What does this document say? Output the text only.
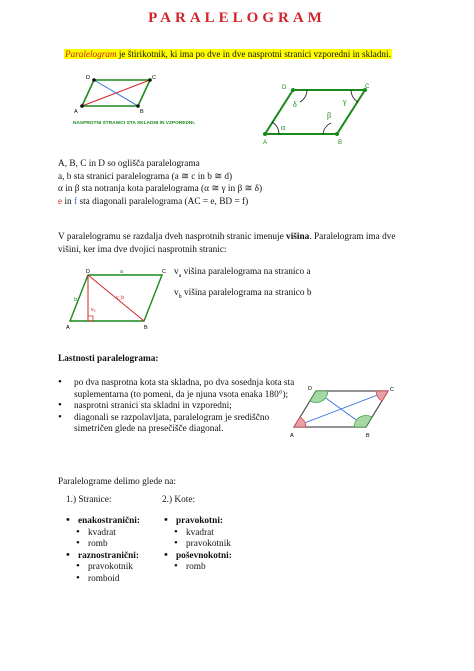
PARALELOGRAM
Paralelogram je štirikotnik, ki ima po dve in dve nasprotni stranici vzporedni in skladni.
A	B
C
D
NASPROTNI STRANICI STA SKLADNI IN VZPOREDNI.
A	B
C
D
α
β
γ
δ
A, B, C in D so oglišča paralelograma
a, b sta stranici paralelograma (a ≅ c in b ≅ d)
α in β sta notranja kota paralelograma (α ≅ γ in β ≅ δ)
e in f sta diagonali paralelograma (AC = e, BD = f)
V paralelogramu se razdalja dveh nasprotnih stranic imenuje višina. Paralelogram ima dve
višini, ker ima dve dvojici nasprotnih stranic:
A	B
C
D	a
b
vₐ
v_b
$v_a$ višina paralelograma na stranico a
$v_b$ višina paralelograma na stranico b
Lastnosti paralelograma:
• po dva nasprotna kota sta skladna, po dva sosednja kota sta
suplementarna (to pomeni, da je njuna vsota enaka 180°);
• nasprotni stranici sta skladni in vzporedni;
• diagonali se razpolavljata, paralelogram je središčno
simetričen glede na presečišče diagonal.
A	B
C
D
Paralelograme delimo glede na:
1.) Stranice:	2.) Kote:
• enakostranični:
• kvadrat
• romb
• raznostranični:
• pravokotnik
• romboid
• pravokotni:
• kvadrat
• pravokotnik
• poševnokotni:
• romb
